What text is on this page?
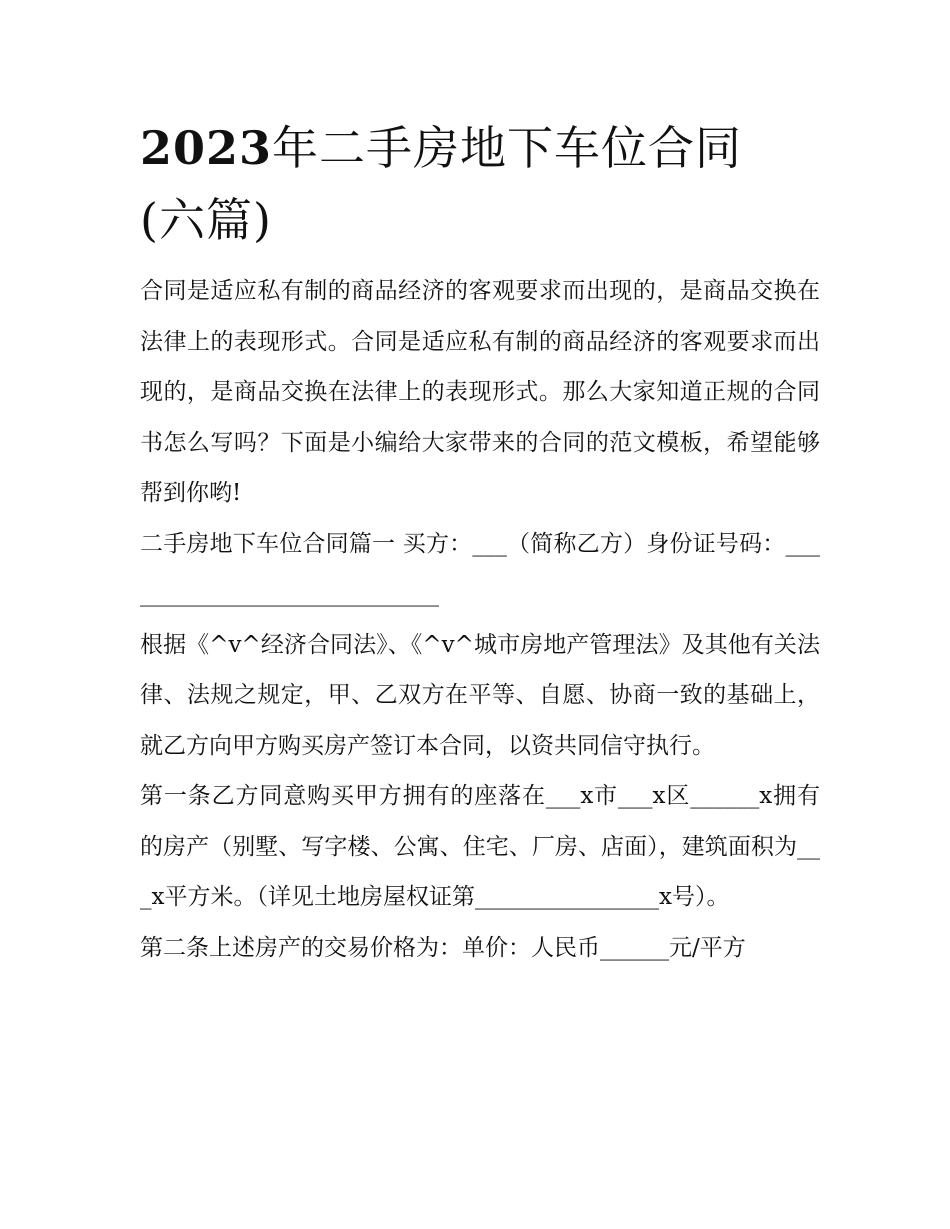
2023年二手房地下车位合同
(六篇)

合同是适应私有制的商品经济的客观要求而出现的，是商品交换在法律上的表现形式。合同是适应私有制的商品经济的客观要求而出现的，是商品交换在法律上的表现形式。那么大家知道正规的合同书怎么写吗？下面是小编给大家带来的合同的范文模板，希望能够帮到你哟!

二手房地下车位合同篇一 买方：___（简称乙方）身份证号码：_____________________________

根据《^v^经济合同法》、《^v^城市房地产管理法》及其他有关法律、法规之规定，甲、乙双方在平等、自愿、协商一致的基础上，就乙方向甲方购买房产签订本合同，以资共同信守执行。

第一条乙方同意购买甲方拥有的座落在___x市___x区______x拥有的房产（别墅、写字楼、公寓、住宅、厂房、店面），建筑面积为___x平方米。（详见土地房屋权证第________________x号）。

第二条上述房产的交易价格为：单价：人民币______元/平方
